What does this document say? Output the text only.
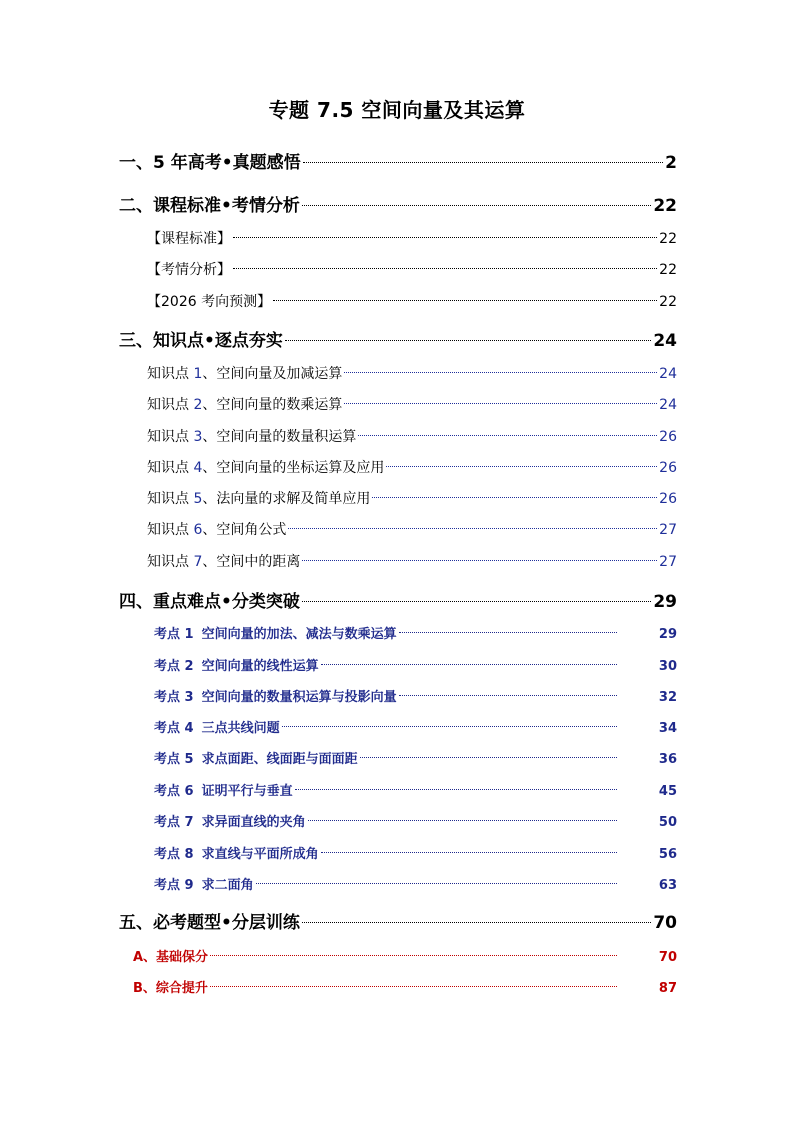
专题 7.5 空间向量及其运算
一、5 年高考•真题感悟	2
二、课程标准•考情分析	22
【课程标准】	22
【考情分析】	22
【2026 考向预测】	22
三、知识点•逐点夯实	24
知识点 1、空间向量及加减运算	24
知识点 2、空间向量的数乘运算	24
知识点 3、空间向量的数量积运算	26
知识点 4、空间向量的坐标运算及应用	26
知识点 5、法向量的求解及简单应用	26
知识点 6、空间角公式	27
知识点 7、空间中的距离	27
四、重点难点•分类突破	29
考点 1 空间向量的加法、减法与数乘运算	29
考点 2 空间向量的线性运算	30
考点 3 空间向量的数量积运算与投影向量	32
考点 4 三点共线问题	34
考点 5 求点面距、线面距与面面距	36
考点 6 证明平行与垂直	45
考点 7 求异面直线的夹角	50
考点 8 求直线与平面所成角	56
考点 9 求二面角	63
五、必考题型•分层训练	70
A、基础保分	70
B、综合提升	87
